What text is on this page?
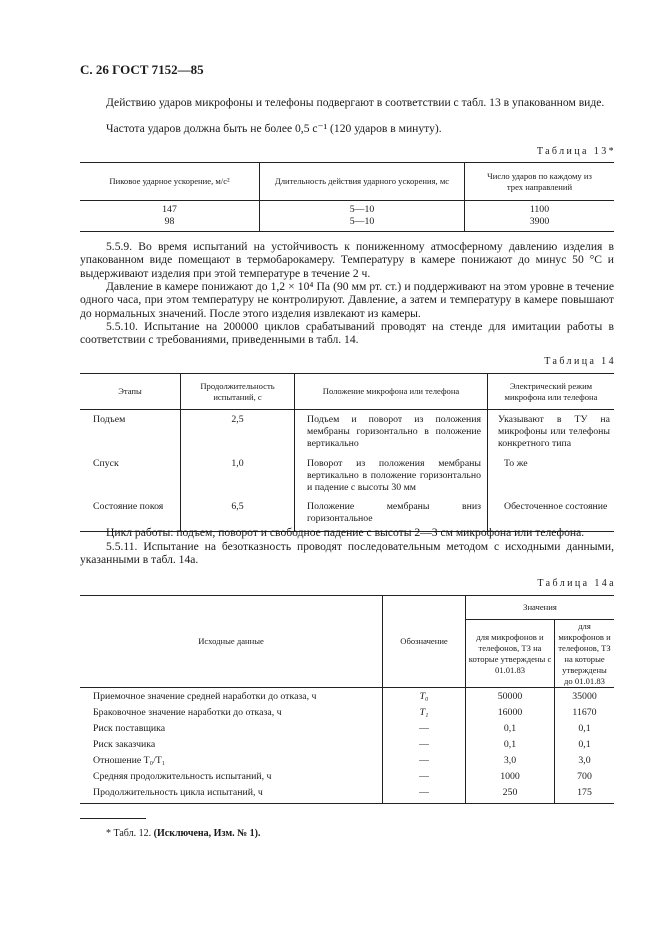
С. 26 ГОСТ 7152—85
Действию ударов микрофоны и телефоны подвергают в соответствии с табл. 13 в упакованном виде.
Частота ударов должна быть не более 0,5 с⁻¹ (120 ударов в минуту).
Таблица 13*
Пиковое ударное ускорение, м/с²	Длительность действия ударного ускорения, мс	Число ударов по каждому из трех направлений
147	5—10	1100
98	5—10	3900
5.5.9. Во время испытаний на устойчивость к пониженному атмосферному давлению изделия в упакованном виде помещают в термобарокамеру. Температуру в камере понижают до минус 50 °С и выдерживают изделия при этой температуре в течение 2 ч.
Давление в камере понижают до 1,2 × 10⁴ Па (90 мм рт. ст.) и поддерживают на этом уровне в течение одного часа, при этом температуру не контролируют. Давление, а затем и температуру в камере повышают до нормальных значений. После этого изделия извлекают из камеры.
5.5.10. Испытание на 200000 циклов срабатываний проводят на стенде для имитации работы в соответствии с требованиями, приведенными в табл. 14.
Таблица 14
Этапы	Продолжительность испытаний, с	Положение микрофона или телефона	Электрический режим микрофона или телефона
Подъем	2,5	Подъем и поворот из положения мембраны горизонтально в положение вертикально	Указывают в ТУ на микрофоны или телефоны конкретного типа
Спуск	1,0	Поворот из положения мембраны вертикально в положение горизонтально и падение с высоты 30 мм	То же
Состояние покоя	6,5	Положение мембраны вниз горизонтальное	Обесточенное состояние
Цикл работы: подъем, поворот и свободное падение с высоты 2—3 см микрофона или телефона.
5.5.11. Испытание на безотказность проводят последовательным методом с исходными данными, указанными в табл. 14а.
Таблица 14а
Исходные данные	Обозначение	Значения	
		для микрофонов и телефонов, ТЗ на которые утверждены с 01.01.83	для микрофонов и телефонов, ТЗ на которые утверждены до 01.01.83
Приемочное значение средней наработки до отказа, ч	T₀	50000	35000
Браковочное значение наработки до отказа, ч	T₁	16000	11670
Риск поставщика	—	0,1	0,1
Риск заказчика	—	0,1	0,1
Отношение T₀/T₁	—	3,0	3,0
Средняя продолжительность испытаний, ч	—	1000	700
Продолжительность цикла испытаний, ч	—	250	175
* Табл. 12. (Исключена, Изм. № 1).
